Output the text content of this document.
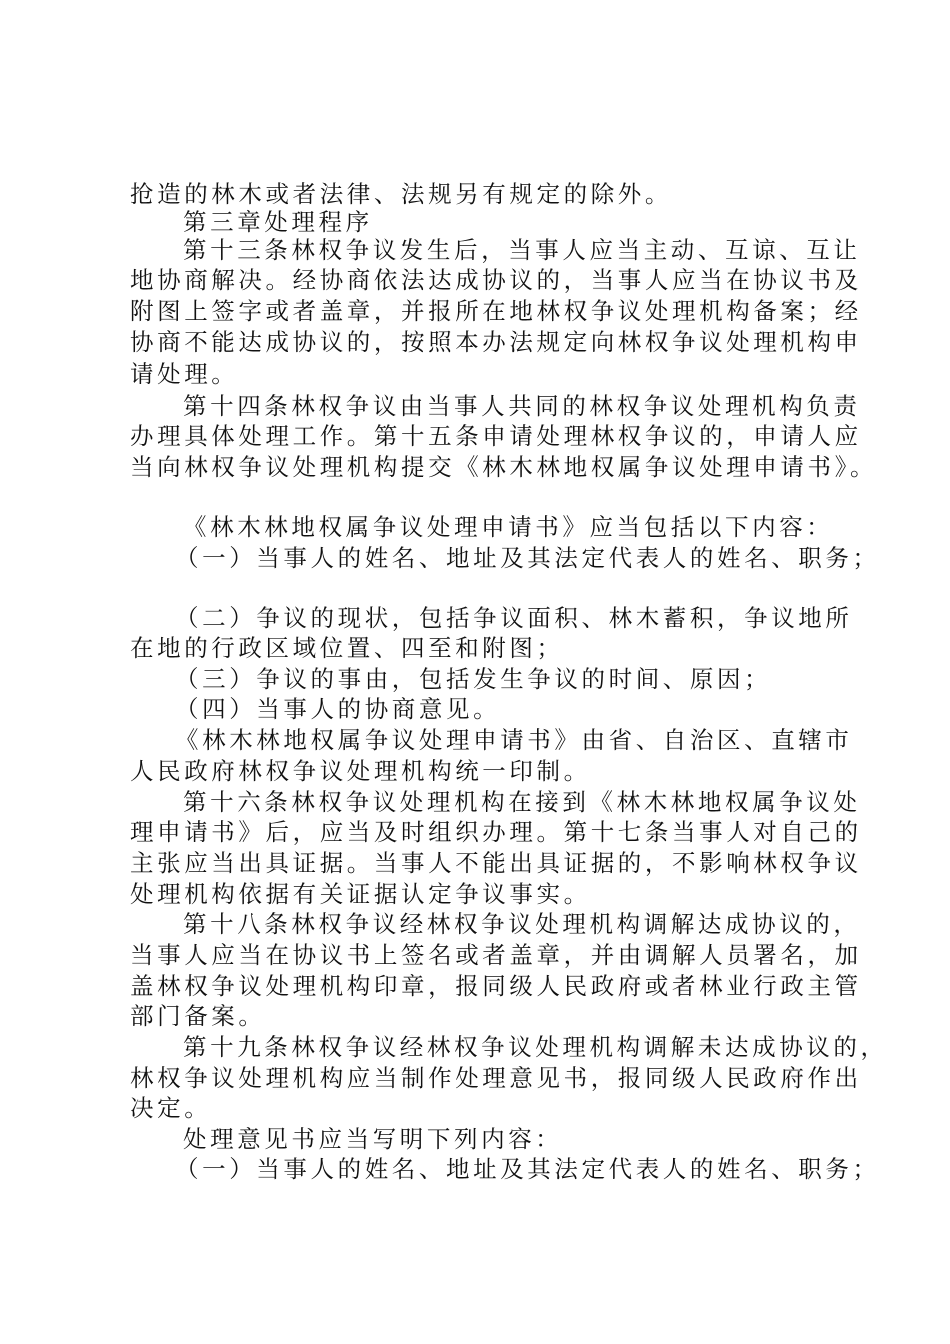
抢造的林木或者法律、法规另有规定的除外。
第三章处理程序
第十三条林权争议发生后，当事人应当主动、互谅、互让
地协商解决。经协商依法达成协议的，当事人应当在协议书及
附图上签字或者盖章，并报所在地林权争议处理机构备案；经
协商不能达成协议的，按照本办法规定向林权争议处理机构申
请处理。
第十四条林权争议由当事人共同的林权争议处理机构负责
办理具体处理工作。第十五条申请处理林权争议的，申请人应
当向林权争议处理机构提交《林木林地权属争议处理申请书》。
《林木林地权属争议处理申请书》应当包括以下内容：
（一）当事人的姓名、地址及其法定代表人的姓名、职务；
（二）争议的现状，包括争议面积、林木蓄积，争议地所
在地的行政区域位置、四至和附图；
（三）争议的事由，包括发生争议的时间、原因；
（四）当事人的协商意见。
《林木林地权属争议处理申请书》由省、自治区、直辖市
人民政府林权争议处理机构统一印制。
第十六条林权争议处理机构在接到《林木林地权属争议处
理申请书》后，应当及时组织办理。第十七条当事人对自己的
主张应当出具证据。当事人不能出具证据的，不影响林权争议
处理机构依据有关证据认定争议事实。
第十八条林权争议经林权争议处理机构调解达成协议的，
当事人应当在协议书上签名或者盖章，并由调解人员署名，加
盖林权争议处理机构印章，报同级人民政府或者林业行政主管
部门备案。
第十九条林权争议经林权争议处理机构调解未达成协议的，
林权争议处理机构应当制作处理意见书，报同级人民政府作出
决定。
处理意见书应当写明下列内容：
（一）当事人的姓名、地址及其法定代表人的姓名、职务；
